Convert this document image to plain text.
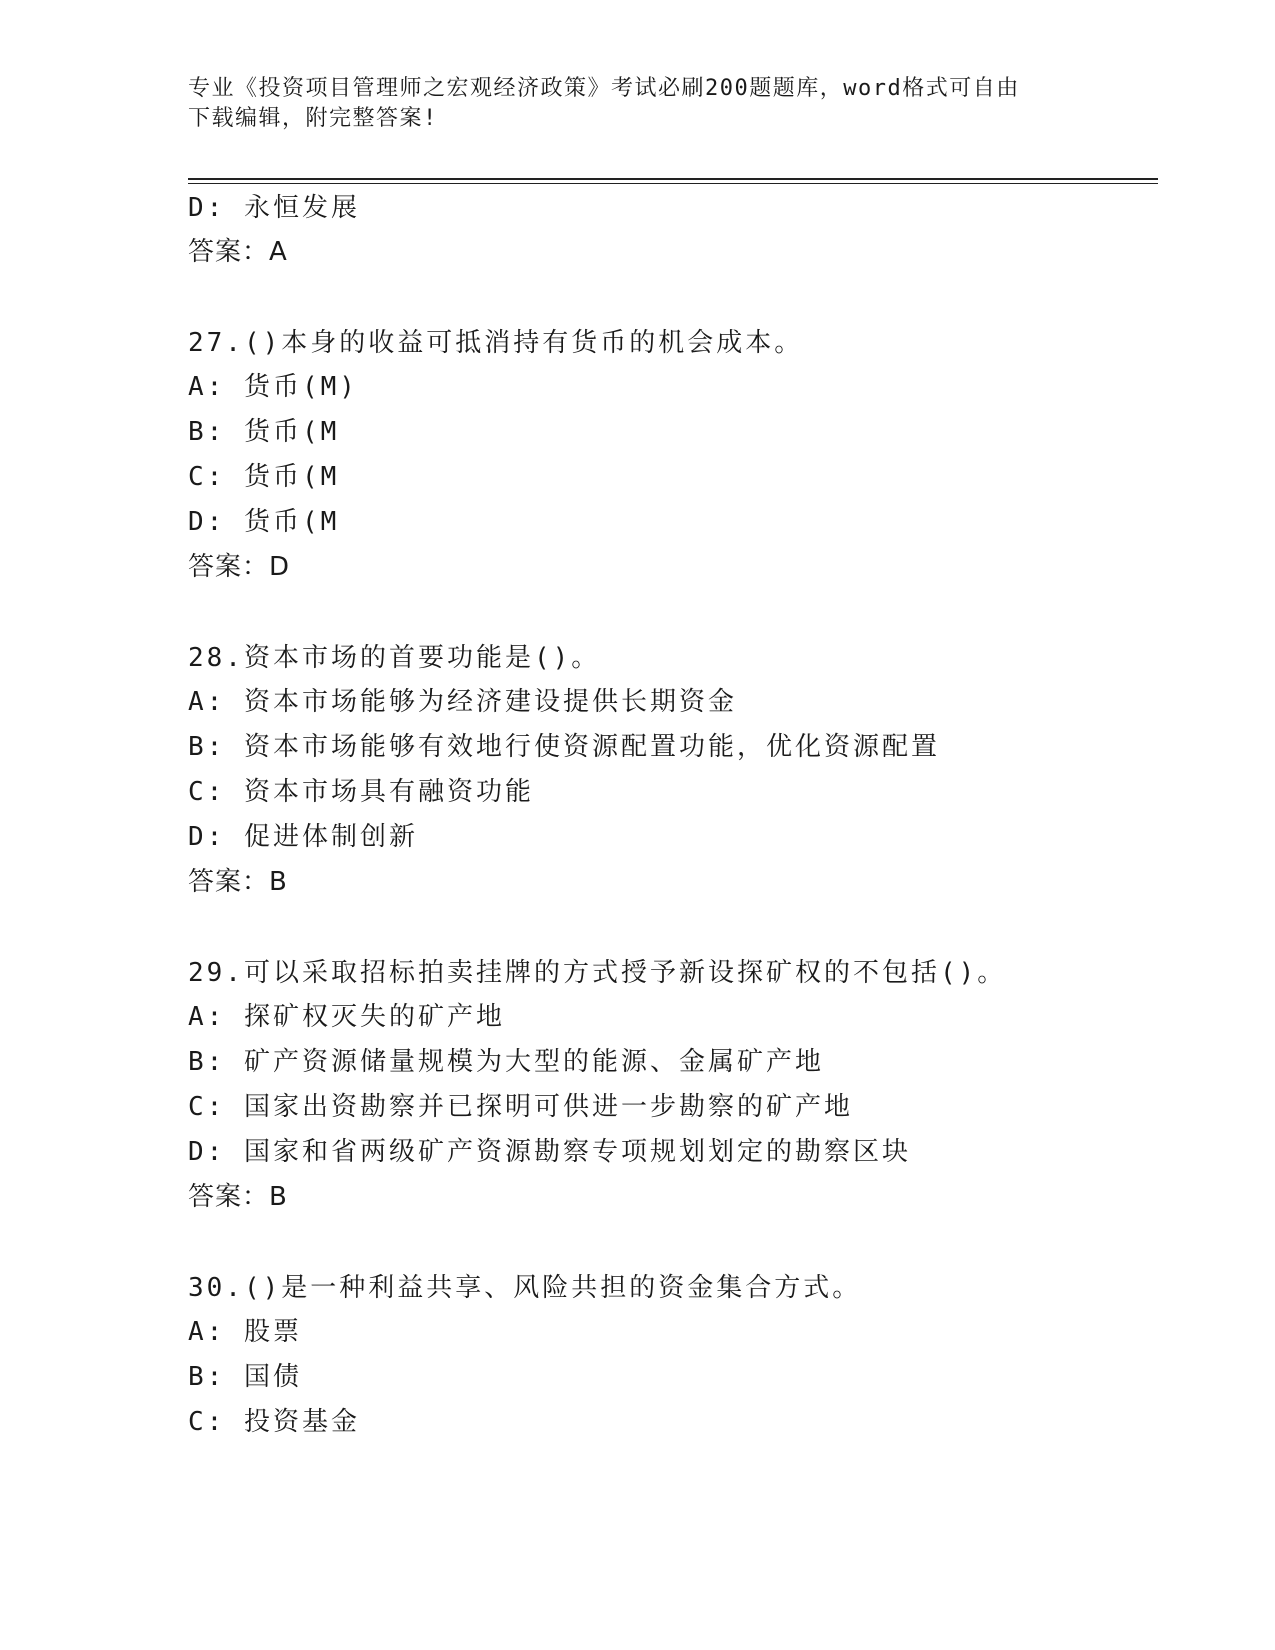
专业《投资项目管理师之宏观经济政策》考试必刷200题题库，word格式可自由
下载编辑，附完整答案!
D: 永恒发展
答案：A
27.()本身的收益可抵消持有货币的机会成本。
A: 货币(M)
B: 货币(M
C: 货币(M
D: 货币(M
答案：D
28.资本市场的首要功能是()。
A: 资本市场能够为经济建设提供长期资金
B: 资本市场能够有效地行使资源配置功能，优化资源配置
C: 资本市场具有融资功能
D: 促进体制创新
答案：B
29.可以采取招标拍卖挂牌的方式授予新设探矿权的不包括()。
A: 探矿权灭失的矿产地
B: 矿产资源储量规模为大型的能源、金属矿产地
C: 国家出资勘察并已探明可供进一步勘察的矿产地
D: 国家和省两级矿产资源勘察专项规划划定的勘察区块
答案：B
30.()是一种利益共享、风险共担的资金集合方式。
A: 股票
B: 国债
C: 投资基金
